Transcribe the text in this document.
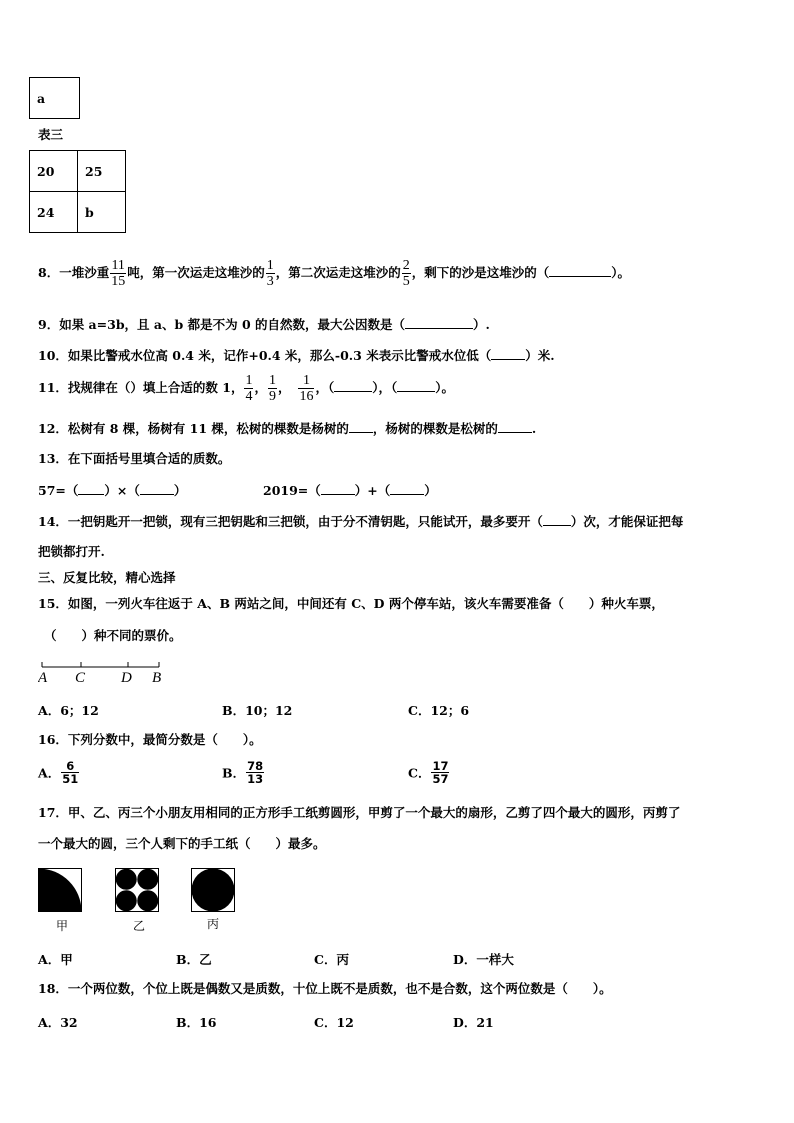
a
表三
20	25
24	b
8．一堆沙重 $\frac{11}{15}$ 吨，第一次运走这堆沙的 $\frac{1}{3}$ ，第二次运走这堆沙的 $\frac{2}{5}$ ，剩下的沙是这堆沙的（	）。
9．如果 a=3b，且 a、b 都是不为 0 的自然数，最大公因数是（	）.
10．如果比警戒水位高 0.4 米，记作+0.4 米，那么-0.3 米表示比警戒水位低（	）米.
11．找规律在（）填上合适的数 1， $\frac{1}{4}$ ， $\frac{1}{9}$ ， $\frac{1}{16}$ ，（	），（	）。
12．松树有 8 棵，杨树有 11 棵，松树的棵数是杨树的 ，杨树的棵数是松树的	.
13．在下面括号里填合适的质数。
57=（ ）×（	）	2019=（	）+（	）
14．一把钥匙开一把锁，现有三把钥匙和三把锁，由于分不清钥匙，只能试开，最多要开（ ）次，才能保证把每
把锁都打开.
三、反复比较，精心选择
15．如图，一列火车往返于 A、B 两站之间，中间还有 C、D 两个停车站，该火车需要准备（　　）种火车票，
（　　）种不同的票价。
A C D B
A．6；12	B．10；12	C．12；6
16．下列分数中，最简分数是（　　）。
A． $\frac{6}{51}$	B． $\frac{78}{13}$	C． $\frac{17}{57}$
17．甲、乙、丙三个小朋友用相同的正方形手工纸剪圆形，甲剪了一个最大的扇形，乙剪了四个最大的圆形，丙剪了
一个最大的圆，三个人剩下的手工纸（　　）最多。
甲	乙	丙
A．甲	B．乙	C．丙	D．一样大
18．一个两位数，个位上既是偶数又是质数，十位上既不是质数，也不是合数，这个两位数是（　　）。
A．32	B．16	C．12	D．21
